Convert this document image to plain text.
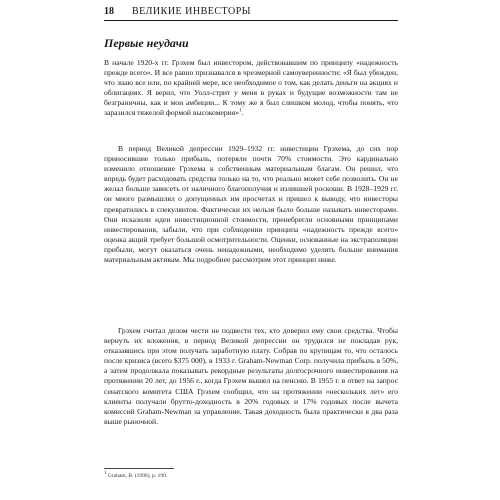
18 ВЕЛИКИЕ ИНВЕСТОРЫ
Первые неудачи

В начале 1920-х гг. Грэхем был инвестором, действовавшим по принципу «надежность прежде всего». И все равно признавался в чрезмерной самоуверенности: «Я был убежден, что знаю все или, по крайней мере, все необходимое о том, как делать деньги на акциях и облигациях. Я верил, что Уолл-стрит у меня в руках и будущие возможности там не безграничны, как и мои амбиции... К тому же я был слишком молод, чтобы понять, что заразился тяжелой формой высокомерия»$^1$.

В период Великой депрессии 1929–1932 гг. инвестиции Грэхема, до сих пор приносившие только прибыль, потеряли почти 70% стоимости. Это кардинально изменило отношение Грэхема к собственным материальным благам. Он решил, что впредь будет расходовать средства только на то, что реально может себе позволить. Он не желал больше зависеть от наличного благополучия и излишней роскоши. В 1928–1929 гг. он много размышлял о допущенных им просчетах и пришел к выводу, что инвесторы превратились в спекулянтов. Фактически их нельзя было больше называть инвесторами. Они исказили идеи инвестиционной стоимости, пренебрегли основными принципами инвестирования, забыли, что при соблюдении принципа «надежность прежде всего» оценка акций требует большой осмотрительности. Оценки, основанные на экстраполяции прибыли, могут оказаться очень ненадежными, необходимо уделять больше внимания материальным активам. Мы подробнее рассмотрим этот принцип ниже.

Грэхем считал делом чести не подвести тех, кто доверил ему свои средства. Чтобы вернуть их вложения, в период Великой депрессии он трудился не покладая рук, отказавшись при этом получать заработную плату. Собрав по крупицам то, что осталось после кризиса (всего $375 000), в 1933 г. Graham-Newman Corp. получила прибыль в 50%, а затем продолжала показывать рекордные результаты долгосрочного инвестирования на протяжении 20 лет, до 1956 г., когда Грэхем вышел на пенсию. В 1955 г. в ответ на запрос сенатского комитета США Грэхем сообщил, что на протяжении «нескольких лет» его клиенты получали брутто-доходность в 20% годовых и 17% годовых после вычета комиссий Graham-Newman за управление. Такая доходность была практически в два раза выше рыночной.

1 Graham, B. (1996), p. 190.
